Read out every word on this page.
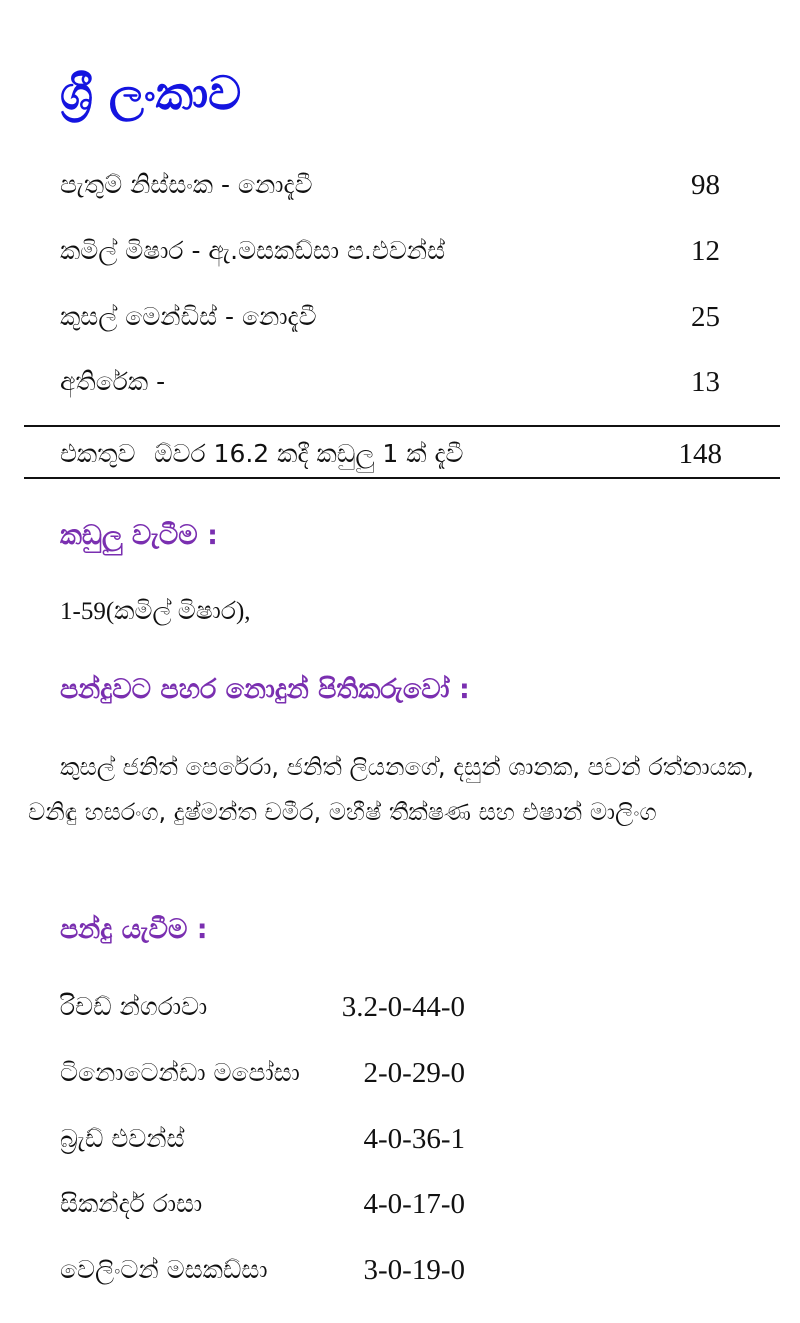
ශ්‍රී ලංකාව
පැතුම් නිස්සංක - නොදැවී	98
කමිල් මිෂාර - ඇ.මසකඩ්සා ප.එවන්ස්	12
කුසල් මෙන්ඩිස් - නොදැවී	25
අතිරේක -	13
එකතුව ඕවර 16.2 කදී කඩුලු 1 ක් දැවී	148
කඩුලු වැටීම :
1-59(කමිල් මිෂාර),
පන්දුවට පහර නොදුන් පිතිකරුවෝ :
කුසල් ජනිත් පෙරේරා, ජනිත් ලියනගේ, දසුන් ශානක, පවන් රත්නායක, වනිඳු හසරංග, දුෂ්මන්ත චමීර, මහීෂ් තීක්ෂණ සහ එෂාන් මාලිංග
පන්දු යැවීම :
රිචඩ් න්ගරාවා	3.2-0-44-0
ටිනොටෙන්ඩා මපෝසා 2-0-29-0
බ්‍රැඩ් එවන්ස්	4-0-36-1
සිකන්දර් රාසා	4-0-17-0
වෙලිංටන් මසකඩ්සා	3-0-19-0
